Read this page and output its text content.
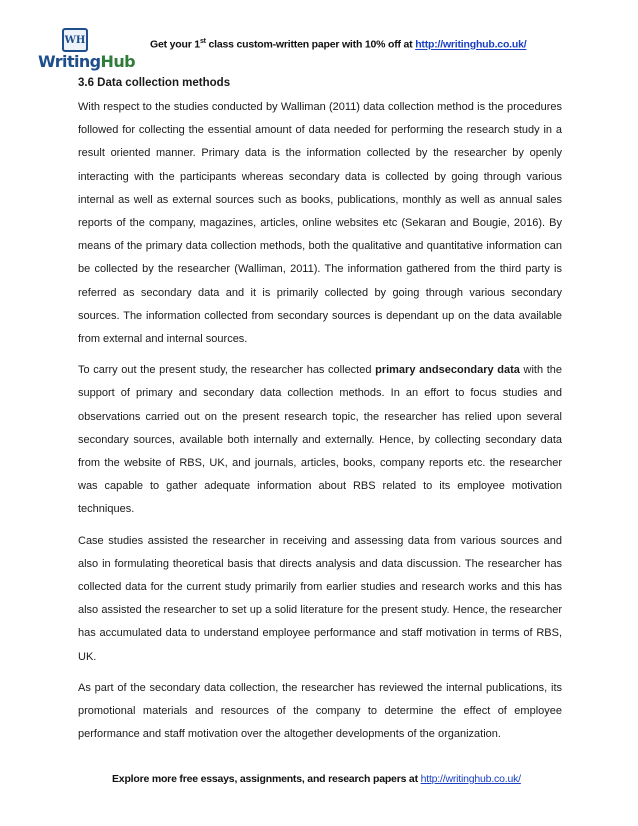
WH
WritingHub
Get your 1st class custom-written paper with 10% off at http://writinghub.co.uk/
3.6 Data collection methods

With respect to the studies conducted by Walliman (2011) data collection method is the procedures followed for collecting the essential amount of data needed for performing the research study in a result oriented manner. Primary data is the information collected by the researcher by openly interacting with the participants whereas secondary data is collected by going through various internal as well as external sources such as books, publications, monthly as well as annual sales reports of the company, magazines, articles, online websites etc (Sekaran and Bougie, 2016). By means of the primary data collection methods, both the qualitative and quantitative information can be collected by the researcher (Walliman, 2011). The information gathered from the third party is referred as secondary data and it is primarily collected by going through various secondary sources. The information collected from secondary sources is dependant up on the data available from external and internal sources.

To carry out the present study, the researcher has collected primary andsecondary data with the support of primary and secondary data collection methods. In an effort to focus studies and observations carried out on the present research topic, the researcher has relied upon several secondary sources, available both internally and externally. Hence, by collecting secondary data from the website of RBS, UK, and journals, articles, books, company reports etc. the researcher was capable to gather adequate information about RBS related to its employee motivation techniques.

Case studies assisted the researcher in receiving and assessing data from various sources and also in formulating theoretical basis that directs analysis and data discussion. The researcher has collected data for the current study primarily from earlier studies and research works and this has also assisted the researcher to set up a solid literature for the present study. Hence, the researcher has accumulated data to understand employee performance and staff motivation in terms of RBS, UK.

As part of the secondary data collection, the researcher has reviewed the internal publications, its promotional materials and resources of the company to determine the effect of employee performance and staff motivation over the altogether developments of the organization.

Explore more free essays, assignments, and research papers at http://writinghub.co.uk/
